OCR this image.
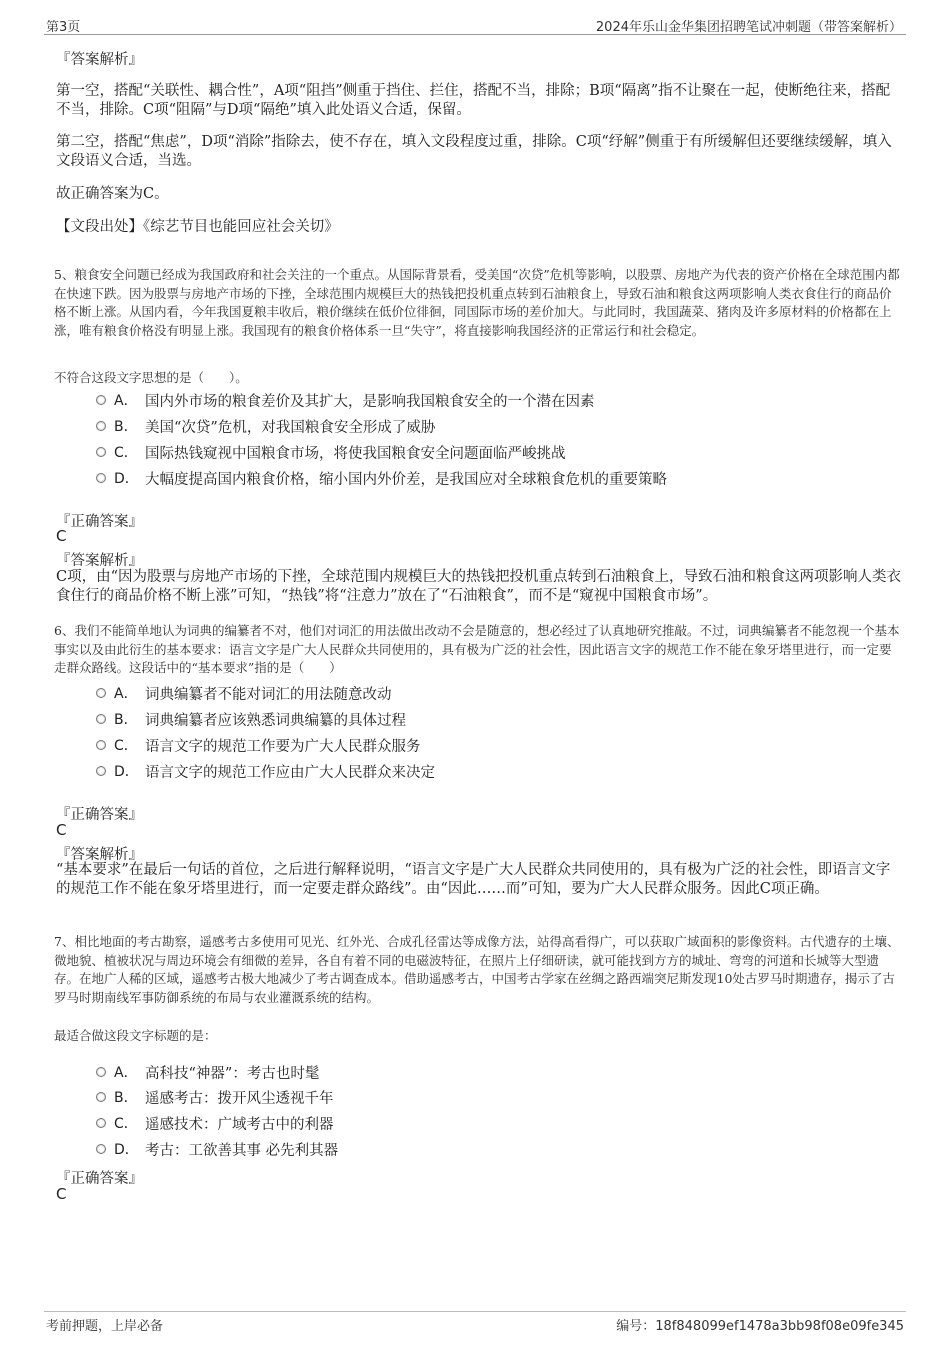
第3页	2024年乐山金华集团招聘笔试冲刺题（带答案解析）

『答案解析』

第一空，搭配“关联性、耦合性”，A项“阻挡”侧重于挡住、拦住，搭配不当，排除；B项“隔离”指不让聚在一起，使断绝往来，搭配不当，排除。C项“阻隔”与D项“隔绝”填入此处语义合适，保留。

第二空，搭配“焦虑”，D项“消除”指除去，使不存在，填入文段程度过重，排除。C项“纾解”侧重于有所缓解但还要继续缓解，填入文段语义合适，当选。

故正确答案为C。

【文段出处】《综艺节目也能回应社会关切》

5、粮食安全问题已经成为我国政府和社会关注的一个重点。从国际背景看，受美国“次贷”危机等影响，以股票、房地产为代表的资产价格在全球范围内都在快速下跌。因为股票与房地产市场的下挫，全球范围内规模巨大的热钱把投机重点转到石油粮食上，导致石油和粮食这两项影响人类衣食住行的商品价格不断上涨。从国内看，今年我国夏粮丰收后，粮价继续在低价位徘徊，同国际市场的差价加大。与此同时，我国蔬菜、猪肉及许多原材料的价格都在上涨，唯有粮食价格没有明显上涨。我国现有的粮食价格体系一旦“失守”，将直接影响我国经济的正常运行和社会稳定。

不符合这段文字思想的是（　　）。

A． 国内外市场的粮食差价及其扩大，是影响我国粮食安全的一个潜在因素
B． 美国“次贷”危机，对我国粮食安全形成了威胁
C． 国际热钱窥视中国粮食市场，将使我国粮食安全问题面临严峻挑战
D． 大幅度提高国内粮食价格，缩小国内外价差，是我国应对全球粮食危机的重要策略

『正确答案』

C

『答案解析』

C项，由“因为股票与房地产市场的下挫，全球范围内规模巨大的热钱把投机重点转到石油粮食上，导致石油和粮食这两项影响人类衣食住行的商品价格不断上涨”可知，“热钱”将“注意力”放在了“石油粮食”，而不是“窥视中国粮食市场”。

6、我们不能简单地认为词典的编纂者不对，他们对词汇的用法做出改动不会是随意的，想必经过了认真地研究推敲。不过，词典编纂者不能忽视一个基本事实以及由此衍生的基本要求：语言文字是广大人民群众共同使用的，具有极为广泛的社会性，因此语言文字的规范工作不能在象牙塔里进行，而一定要走群众路线。这段话中的“基本要求”指的是（　　）

A． 词典编纂者不能对词汇的用法随意改动
B． 词典编纂者应该熟悉词典编纂的具体过程
C． 语言文字的规范工作要为广大人民群众服务
D． 语言文字的规范工作应由广大人民群众来决定

『正确答案』

C

『答案解析』

“基本要求”在最后一句话的首位，之后进行解释说明，“语言文字是广大人民群众共同使用的，具有极为广泛的社会性，即语言文字的规范工作不能在象牙塔里进行，而一定要走群众路线”。由“因此……而”可知，要为广大人民群众服务。因此C项正确。

7、相比地面的考古勘察，遥感考古多使用可见光、红外光、合成孔径雷达等成像方法，站得高看得广，可以获取广域面积的影像资料。古代遗存的土壤、微地貌、植被状况与周边环境会有细微的差异，各自有着不同的电磁波特征，在照片上仔细研读，就可能找到方方的城址、弯弯的河道和长城等大型遗存。在地广人稀的区域，遥感考古极大地减少了考古调查成本。借助遥感考古，中国考古学家在丝绸之路西端突尼斯发现10处古罗马时期遗存，揭示了古罗马时期南线军事防御系统的布局与农业灌溉系统的结构。

最适合做这段文字标题的是：

A． 高科技“神器”：考古也时髦
B． 遥感考古：拨开风尘透视千年
C． 遥感技术：广域考古中的利器
D． 考古：工欲善其事 必先利其器

『正确答案』

C

考前押题，上岸必备	编号：18f848099ef1478a3bb98f08e09fe345
